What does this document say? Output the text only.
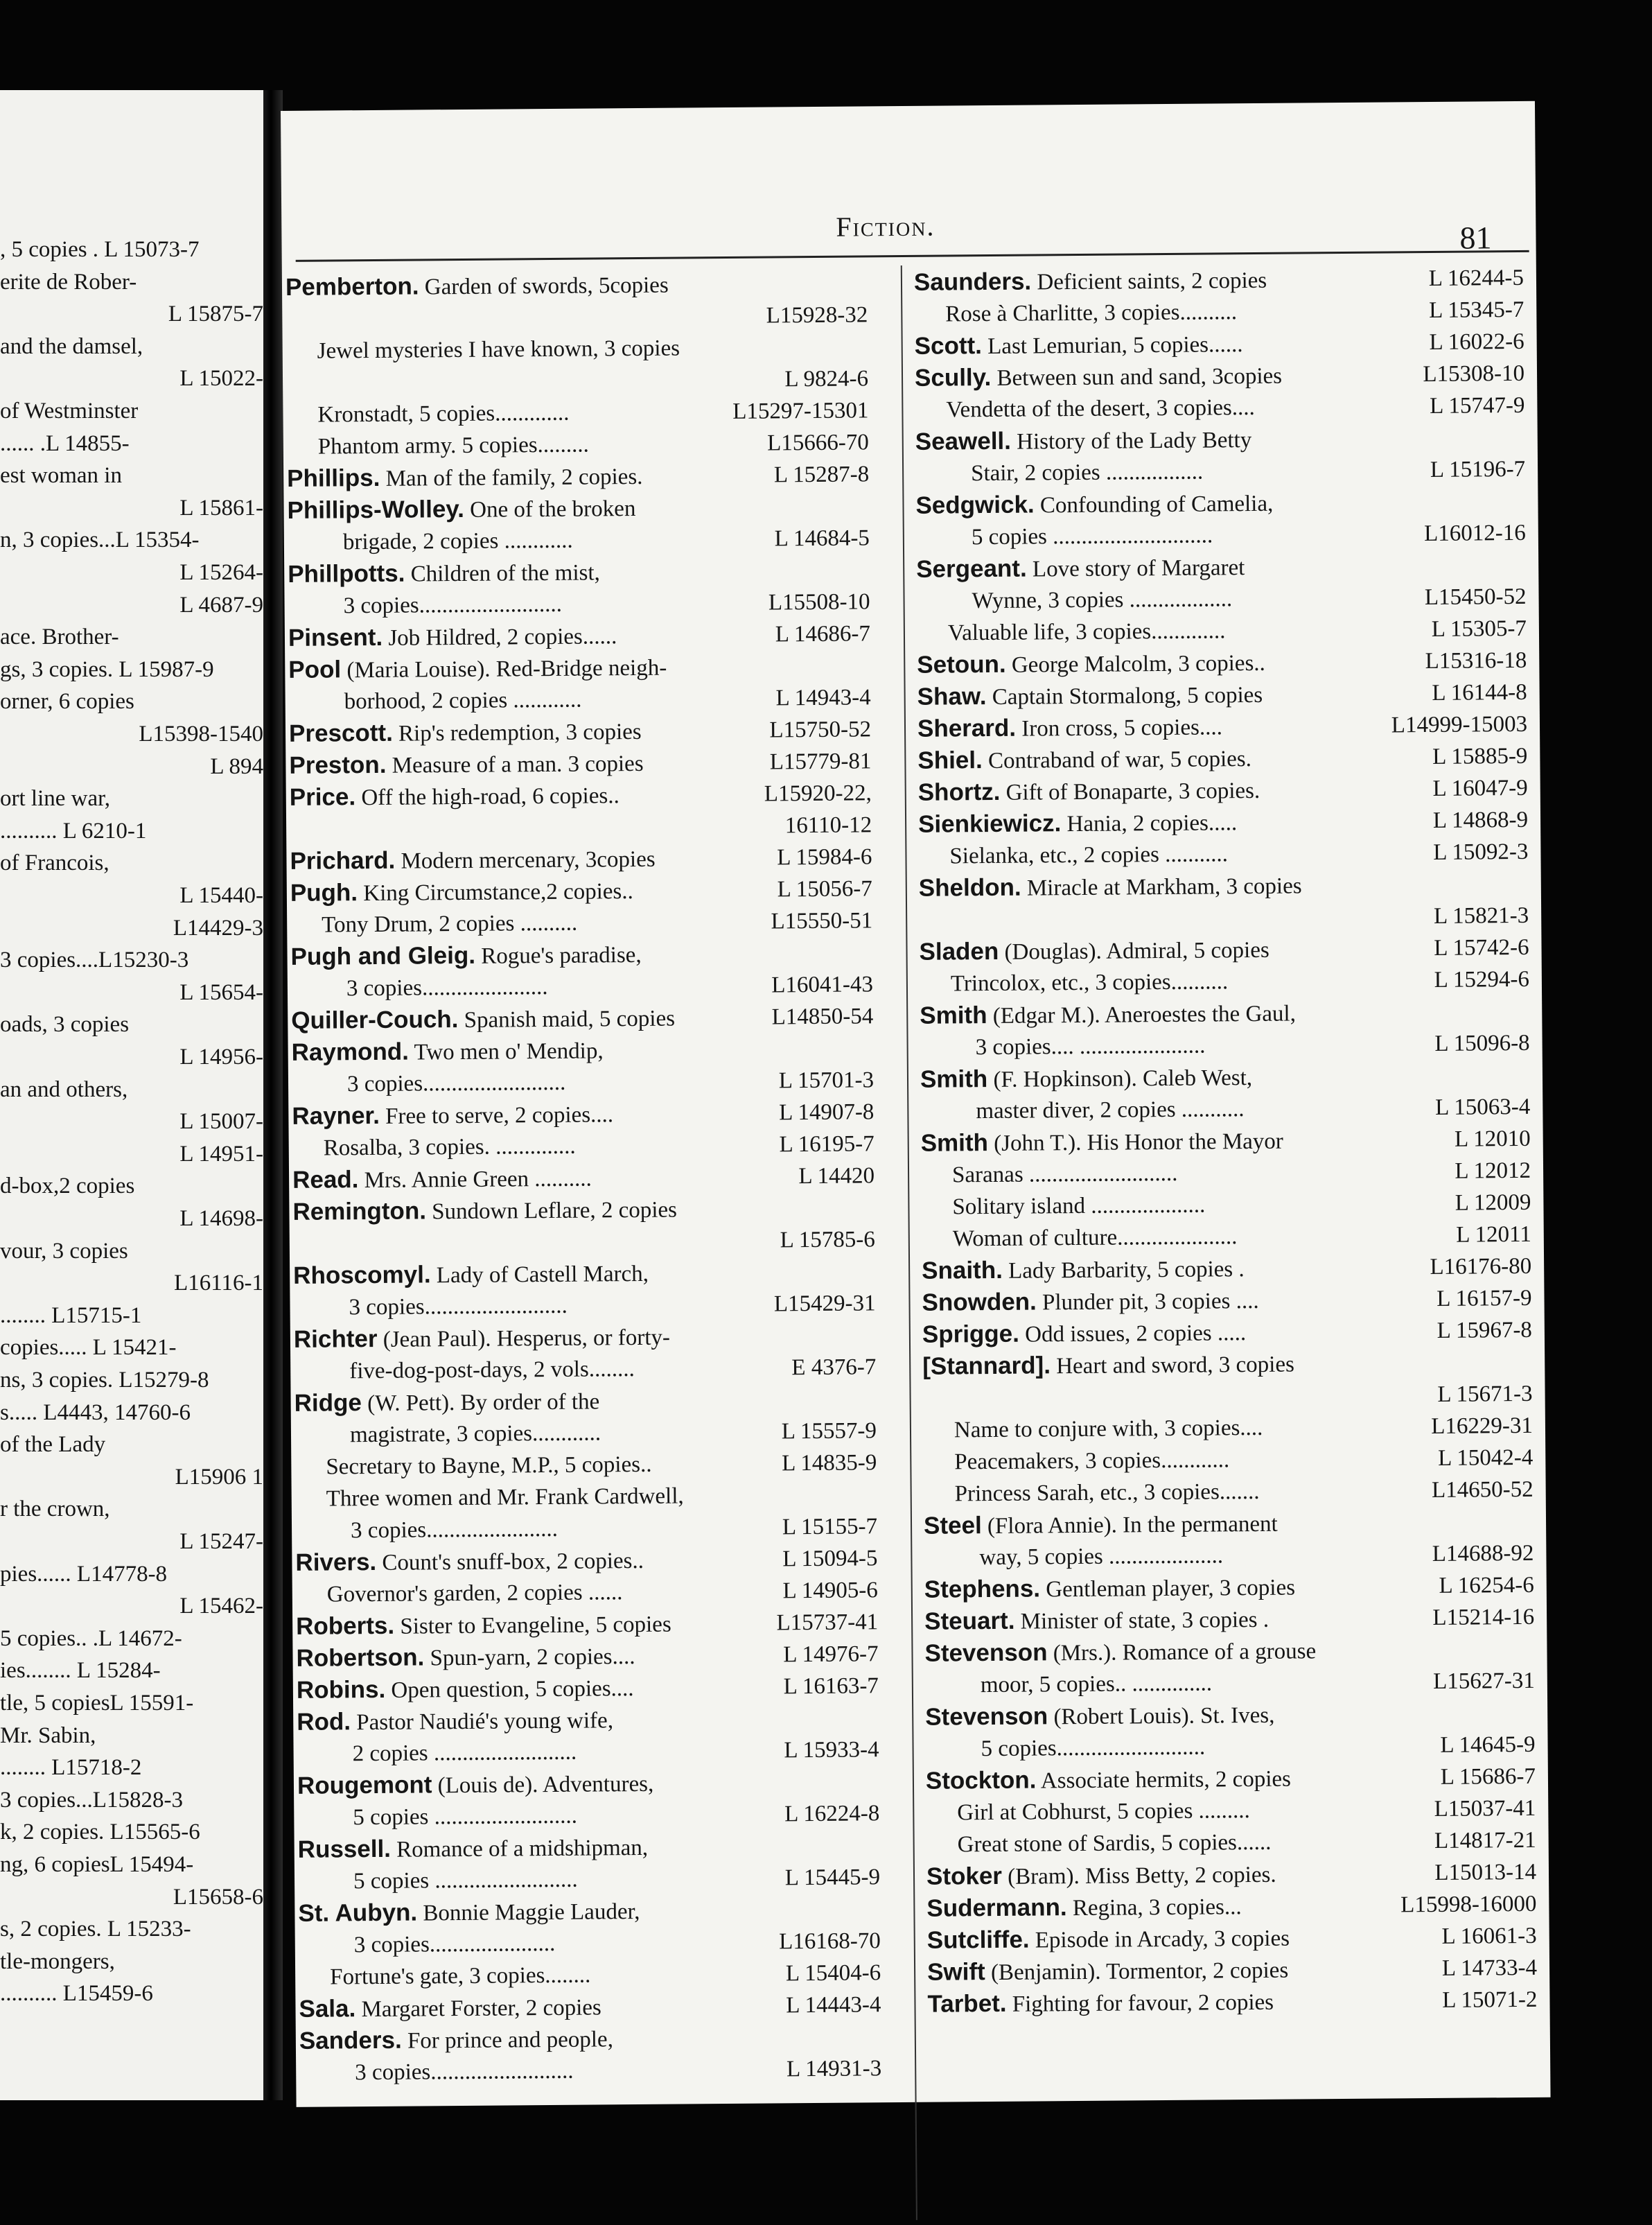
, 5 copies . L 15073-7
erite de Rober-
L 15875-7
and the damsel,
L 15022-
of Westminster
...... .L 14855-
est woman in
L 15861-
n, 3 copies...L 15354-
L 15264-
L 4687-9
ace. Brother-
gs, 3 copies. L 15987-9
orner, 6 copies
L15398-1540
L 894
ort line war,
.......... L 6210-1
of Francois,
L 15440-
L14429-3
3 copies....L15230-3
L 15654-
oads, 3 copies
L 14956-
an and others,
L 15007-
L 14951-
d-box,2 copies
L 14698-
vour, 3 copies
L16116-1
........ L15715-1
copies..... L 15421-
ns, 3 copies. L15279-8
s..... L4443, 14760-6
of the Lady
L15906 1
r the crown,
L 15247-
pies...... L14778-8
L 15462-
5 copies.. .L 14672-
ies........ L 15284-
tle, 5 copiesL 15591-
Mr. Sabin,
........ L15718-2
3 copies...L15828-3
k, 2 copies. L15565-6
ng, 6 copiesL 15494-
L15658-6
s, 2 copies. L 15233-
tle-mongers,
.......... L15459-6
Fiction.	81
Pemberton. Garden of swords, 5copies
L15928-32
Jewel mysteries I have known, 3 copies
L 9824-6
Kronstadt, 5 copies.............	L15297-15301
Phantom army. 5 copies.........	L15666-70
Phillips. Man of the family, 2 copies.	L 15287-8
Phillips-Wolley. One of the broken
brigade, 2 copies ............	L 14684-5
Phillpotts. Children of the mist,
3 copies.........................	L15508-10
Pinsent. Job Hildred, 2 copies......	L 14686-7
Pool (Maria Louise). Red-Bridge neigh-
borhood, 2 copies ............	L 14943-4
Prescott. Rip's redemption, 3 copies	L15750-52
Preston. Measure of a man. 3 copies	L15779-81
Price. Off the high-road, 6 copies..	L15920-22,
16110-12
Prichard. Modern mercenary, 3copies	L 15984-6
Pugh. King Circumstance,2 copies..	L 15056-7
Tony Drum, 2 copies ..........	L15550-51
Pugh and Gleig. Rogue's paradise,
3 copies......................	L16041-43
Quiller-Couch. Spanish maid, 5 copies	L14850-54
Raymond. Two men o' Mendip,
3 copies.........................	L 15701-3
Rayner. Free to serve, 2 copies....	L 14907-8
Rosalba, 3 copies. ..............	L 16195-7
Read. Mrs. Annie Green ..........	L 14420
Remington. Sundown Leflare, 2 copies
L 15785-6
Rhoscomyl. Lady of Castell March,
3 copies.........................	L15429-31
Richter (Jean Paul). Hesperus, or forty-
five-dog-post-days, 2 vols........	E 4376-7
Ridge (W. Pett). By order of the
magistrate, 3 copies............	L 15557-9
Secretary to Bayne, M.P., 5 copies..	L 14835-9
Three women and Mr. Frank Cardwell,
3 copies.......................	L 15155-7
Rivers. Count's snuff-box, 2 copies..	L 15094-5
Governor's garden, 2 copies ......	L 14905-6
Roberts. Sister to Evangeline, 5 copies	L15737-41
Robertson. Spun-yarn, 2 copies....	L 14976-7
Robins. Open question, 5 copies....	L 16163-7
Rod. Pastor Naudié's young wife,
2 copies .........................	L 15933-4
Rougemont (Louis de). Adventures,
5 copies .........................	L 16224-8
Russell. Romance of a midshipman,
5 copies .........................	L 15445-9
St. Aubyn. Bonnie Maggie Lauder,
3 copies......................	L16168-70
Fortune's gate, 3 copies........	L 15404-6
Sala. Margaret Forster, 2 copies	L 14443-4
Sanders. For prince and people,
3 copies.........................	L 14931-3
Saunders. Deficient saints, 2 copies	L 16244-5
Rose à Charlitte, 3 copies..........	L 15345-7
Scott. Last Lemurian, 5 copies......	L 16022-6
Scully. Between sun and sand, 3copies	L15308-10
Vendetta of the desert, 3 copies....	L 15747-9
Seawell. History of the Lady Betty
Stair, 2 copies .................	L 15196-7
Sedgwick. Confounding of Camelia,
5 copies ............................	L16012-16
Sergeant. Love story of Margaret
Wynne, 3 copies ..................	L15450-52
Valuable life, 3 copies.............	L 15305-7
Setoun. George Malcolm, 3 copies..	L15316-18
Shaw. Captain Stormalong, 5 copies	L 16144-8
Sherard. Iron cross, 5 copies....	L14999-15003
Shiel. Contraband of war, 5 copies.	L 15885-9
Shortz. Gift of Bonaparte, 3 copies.	L 16047-9
Sienkiewicz. Hania, 2 copies.....	L 14868-9
Sielanka, etc., 2 copies ...........	L 15092-3
Sheldon. Miracle at Markham, 3 copies
L 15821-3
Sladen (Douglas). Admiral, 5 copies	L 15742-6
Trincolox, etc., 3 copies..........	L 15294-6
Smith (Edgar M.). Aneroestes the Gaul,
3 copies.... ......................	L 15096-8
Smith (F. Hopkinson). Caleb West,
master diver, 2 copies ...........	L 15063-4
Smith (John T.). His Honor the Mayor	L 12010
Saranas ..........................	L 12012
Solitary island ....................	L 12009
Woman of culture.....................	L 12011
Snaith. Lady Barbarity, 5 copies .	L16176-80
Snowden. Plunder pit, 3 copies ....	L 16157-9
Sprigge. Odd issues, 2 copies .....	L 15967-8
[Stannard]. Heart and sword, 3 copies
L 15671-3
Name to conjure with, 3 copies....	L16229-31
Peacemakers, 3 copies............	L 15042-4
Princess Sarah, etc., 3 copies.......	L14650-52
Steel (Flora Annie). In the permanent
way, 5 copies ....................	L14688-92
Stephens. Gentleman player, 3 copies	L 16254-6
Steuart. Minister of state, 3 copies .	L15214-16
Stevenson (Mrs.). Romance of a grouse
moor, 5 copies.. ..............	L15627-31
Stevenson (Robert Louis). St. Ives,
5 copies..........................	L 14645-9
Stockton. Associate hermits, 2 copies	L 15686-7
Girl at Cobhurst, 5 copies .........	L15037-41
Great stone of Sardis, 5 copies......	L14817-21
Stoker (Bram). Miss Betty, 2 copies.	L15013-14
Sudermann. Regina, 3 copies...	L15998-16000
Sutcliffe. Episode in Arcady, 3 copies	L 16061-3
Swift (Benjamin). Tormentor, 2 copies	L 14733-4
Tarbet. Fighting for favour, 2 copies	L 15071-2
